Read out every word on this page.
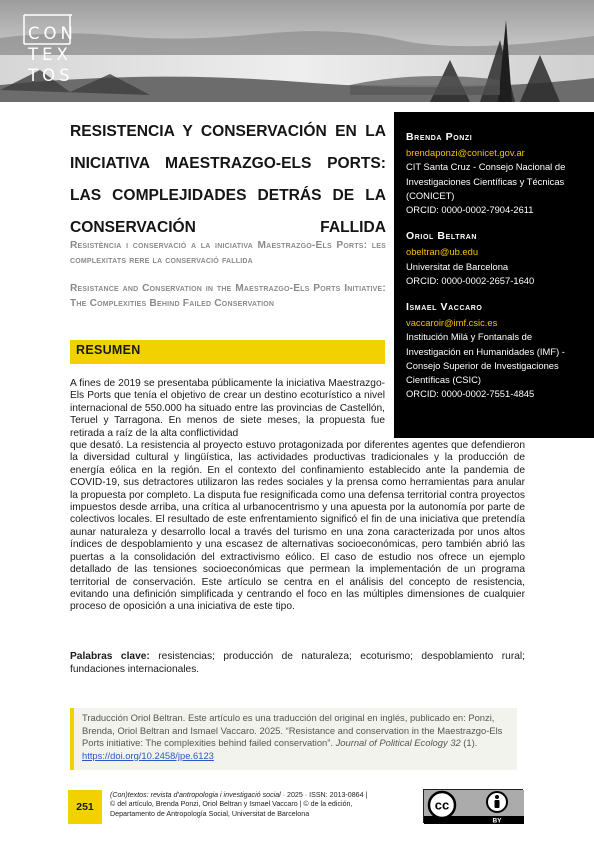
CON
TEX
TOS
RESISTENCIA Y CONSERVACIÓN EN LA
INICIATIVA MAESTRAZGO-ELS PORTS:
LAS COMPLEJIDADES DETRÁS DE LA
CONSERVACIÓN FALLIDA
Resistència i conservació a la iniciativa Maestrazgo-Els Ports: les complexitats rere la conservació fallida
Resistance and Conservation in the Maestrazgo-Els Ports Initiative: The Complexities Behind Failed Conservation
RESUMEN
Brenda Ponzi
brendaponzi@conicet.gov.ar
CIT Santa Cruz - Consejo Nacional de Investigaciones Científicas y Técnicas (CONICET)
ORCID: 0000-0002-7904-2611
Oriol Beltran
obeltran@ub.edu
Universitat de Barcelona
ORCID: 0000-0002-2657-1640
Ismael Vaccaro
vaccaroir@imf.csic.es
Institución Milá y Fontanals de Investigación en Humanidades (IMF) - Consejo Superior de Investigaciones Científicas (CSIC)
ORCID: 0000-0002-7551-4845

A fines de 2019 se presentaba públicamente la iniciativa Maestrazgo-Els Ports que tenía el objetivo de crear un destino ecoturístico a nivel internacional de 550.000 ha situado entre las provincias de Castellón, Teruel y Tarragona. En menos de siete meses, la propuesta fue retirada a raíz de la alta conflictividad

que desató. La resistencia al proyecto estuvo protagonizada por diferentes agentes que defendieron la diversidad cultural y lingüística, las actividades productivas tradicionales y la producción de energía eólica en la región. En el contexto del confinamiento establecido ante la pandemia de COVID-19, sus detractores utilizaron las redes sociales y la prensa como herramientas para anular la propuesta por completo. La disputa fue resignificada como una defensa territorial contra proyectos impuestos desde arriba, una crítica al urbanocentrismo y una apuesta por la autonomía por parte de colectivos locales. El resultado de este enfrentamiento significó el fin de una iniciativa que pretendía aunar naturaleza y desarrollo local a través del turismo en una zona caracterizada por unos altos índices de despoblamiento y una escasez de alternativas socioeconómicas, pero también abrió las puertas a la consolidación del extractivismo eólico. El caso de estudio nos ofrece un ejemplo detallado de las tensiones socioeconómicas que permean la implementación de un programa territorial de conservación. Este artículo se centra en el análisis del concepto de resistencia, evitando una definición simplificada y centrando el foco en las múltiples dimensiones de cualquier proceso de oposición a una iniciativa de este tipo.

Palabras clave: resistencias; producción de naturaleza; ecoturismo; despoblamiento rural; fundaciones internacionales.
Traducción Oriol Beltran. Este artículo es una traducción del original en inglés, publicado en: Ponzi, Brenda, Oriol Beltran and Ismael Vaccaro. 2025. “Resistance and conservation in the Maestrazgo-Els Ports initiative: The complexities behind failed conservation”. Journal of Political Ecology 32 (1). https://doi.org/10.2458/jpe.6123
251
(Con)textos: revista d’antropologia i investigació social · 2025 · ISSN: 2013-0864 |
© del artículo, Brenda Ponzi, Oriol Beltran y Ismael Vaccaro | © de la edición,
Departamento de Antropología Social, Universitat de Barcelona
cc
BY
